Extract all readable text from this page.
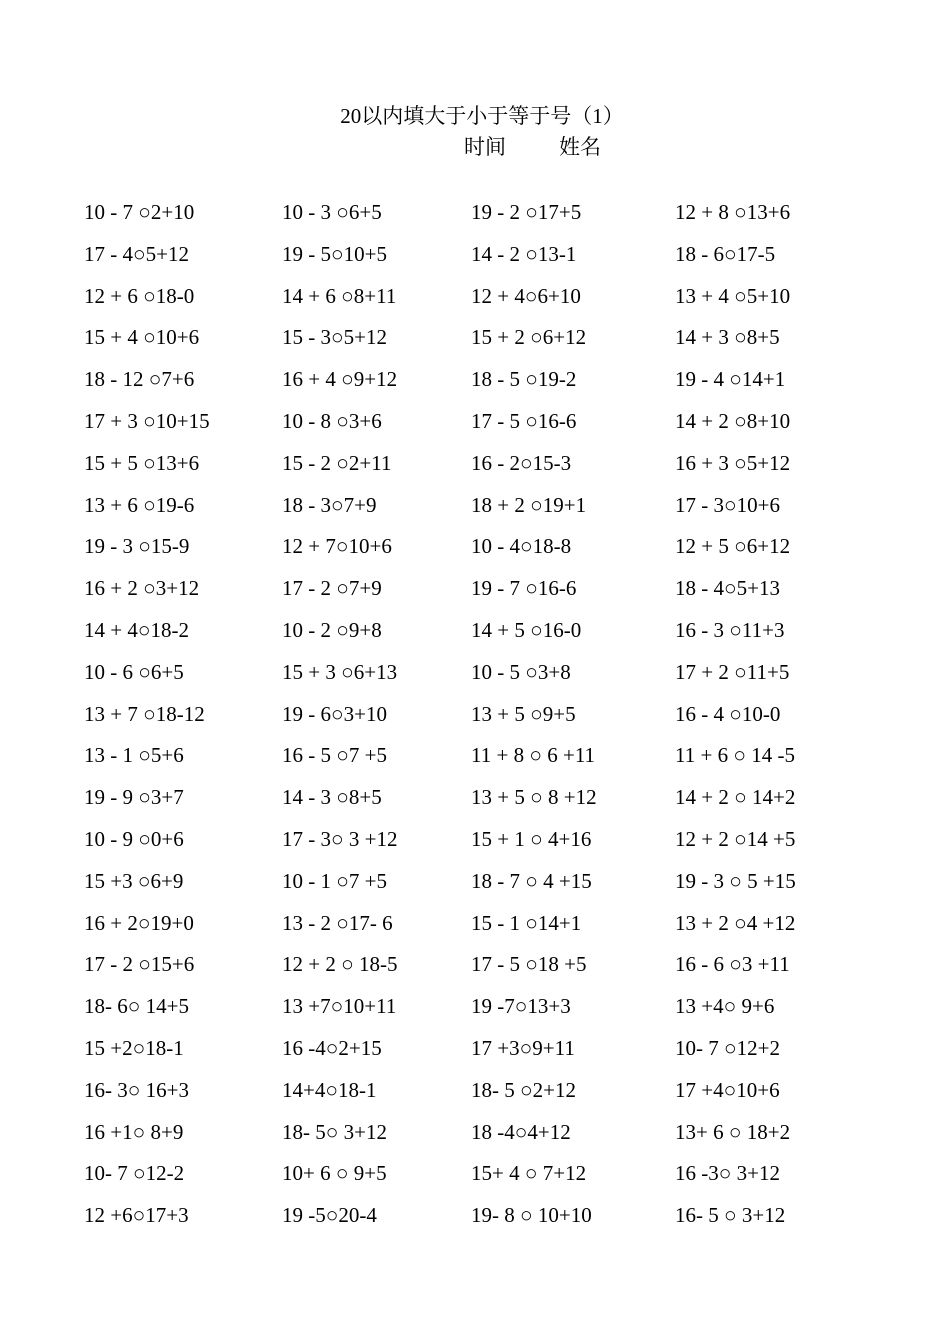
20以内填大于小于等于号（1）
时间	姓名
10 - 7 ○2+10	10 - 3 ○6+5	19 - 2 ○17+5	12 + 8 ○13+6
17 - 4○5+12	19 - 5○10+5	14 - 2 ○13-1	18 - 6○17-5
12 + 6 ○18-0	14 + 6 ○8+11	12 + 4○6+10	13 + 4 ○5+10
15 + 4 ○10+6	15 - 3○5+12	15 + 2 ○6+12	14 + 3 ○8+5
18 - 12 ○7+6	16 + 4 ○9+12	18 - 5 ○19-2	19 - 4 ○14+1
17 + 3 ○10+15	10 - 8 ○3+6	17 - 5 ○16-6	14 + 2 ○8+10
15 + 5 ○13+6	15 - 2 ○2+11	16 - 2○15-3	16 + 3 ○5+12
13 + 6 ○19-6	18 - 3○7+9	18 + 2 ○19+1	17 - 3○10+6
19 - 3 ○15-9	12 + 7○10+6	10 - 4○18-8	12 + 5 ○6+12
16 + 2 ○3+12	17 - 2 ○7+9	19 - 7 ○16-6	18 - 4○5+13
14 + 4○18-2	10 - 2 ○9+8	14 + 5 ○16-0	16 - 3 ○11+3
10 - 6 ○6+5	15 + 3 ○6+13	10 - 5 ○3+8	17 + 2 ○11+5
13 + 7 ○18-12	19 - 6○3+10	13 + 5 ○9+5	16 - 4 ○10-0
13 - 1 ○5+6	16 - 5 ○7 +5	11 + 8 ○ 6 +11	11 + 6 ○ 14 -5
19 - 9 ○3+7	14 - 3 ○8+5	13 + 5 ○ 8 +12	14 + 2 ○ 14+2
10 - 9 ○0+6	17 - 3○ 3 +12	15 + 1 ○ 4+16	12 + 2 ○14 +5
15 +3 ○6+9	10 - 1 ○7 +5	18 - 7 ○ 4 +15	19 - 3 ○ 5 +15
16 + 2○19+0	13 - 2 ○17- 6	15 - 1 ○14+1	13 + 2 ○4 +12
17 - 2 ○15+6	12 + 2 ○ 18-5	17 - 5 ○18 +5	16 - 6 ○3 +11
18- 6○ 14+5	13 +7○10+11	19 -7○13+3	13 +4○ 9+6
15 +2○18-1	16 -4○2+15	17 +3○9+11	10- 7 ○12+2
16- 3○ 16+3	14+4○18-1	18- 5 ○2+12	17 +4○10+6
16 +1○ 8+9	18- 5○ 3+12	18 -4○4+12	13+ 6 ○ 18+2
10- 7 ○12-2	10+ 6 ○ 9+5	15+ 4 ○ 7+12	16 -3○ 3+12
12 +6○17+3	19 -5○20-4	19- 8 ○ 10+10	16- 5 ○ 3+12
